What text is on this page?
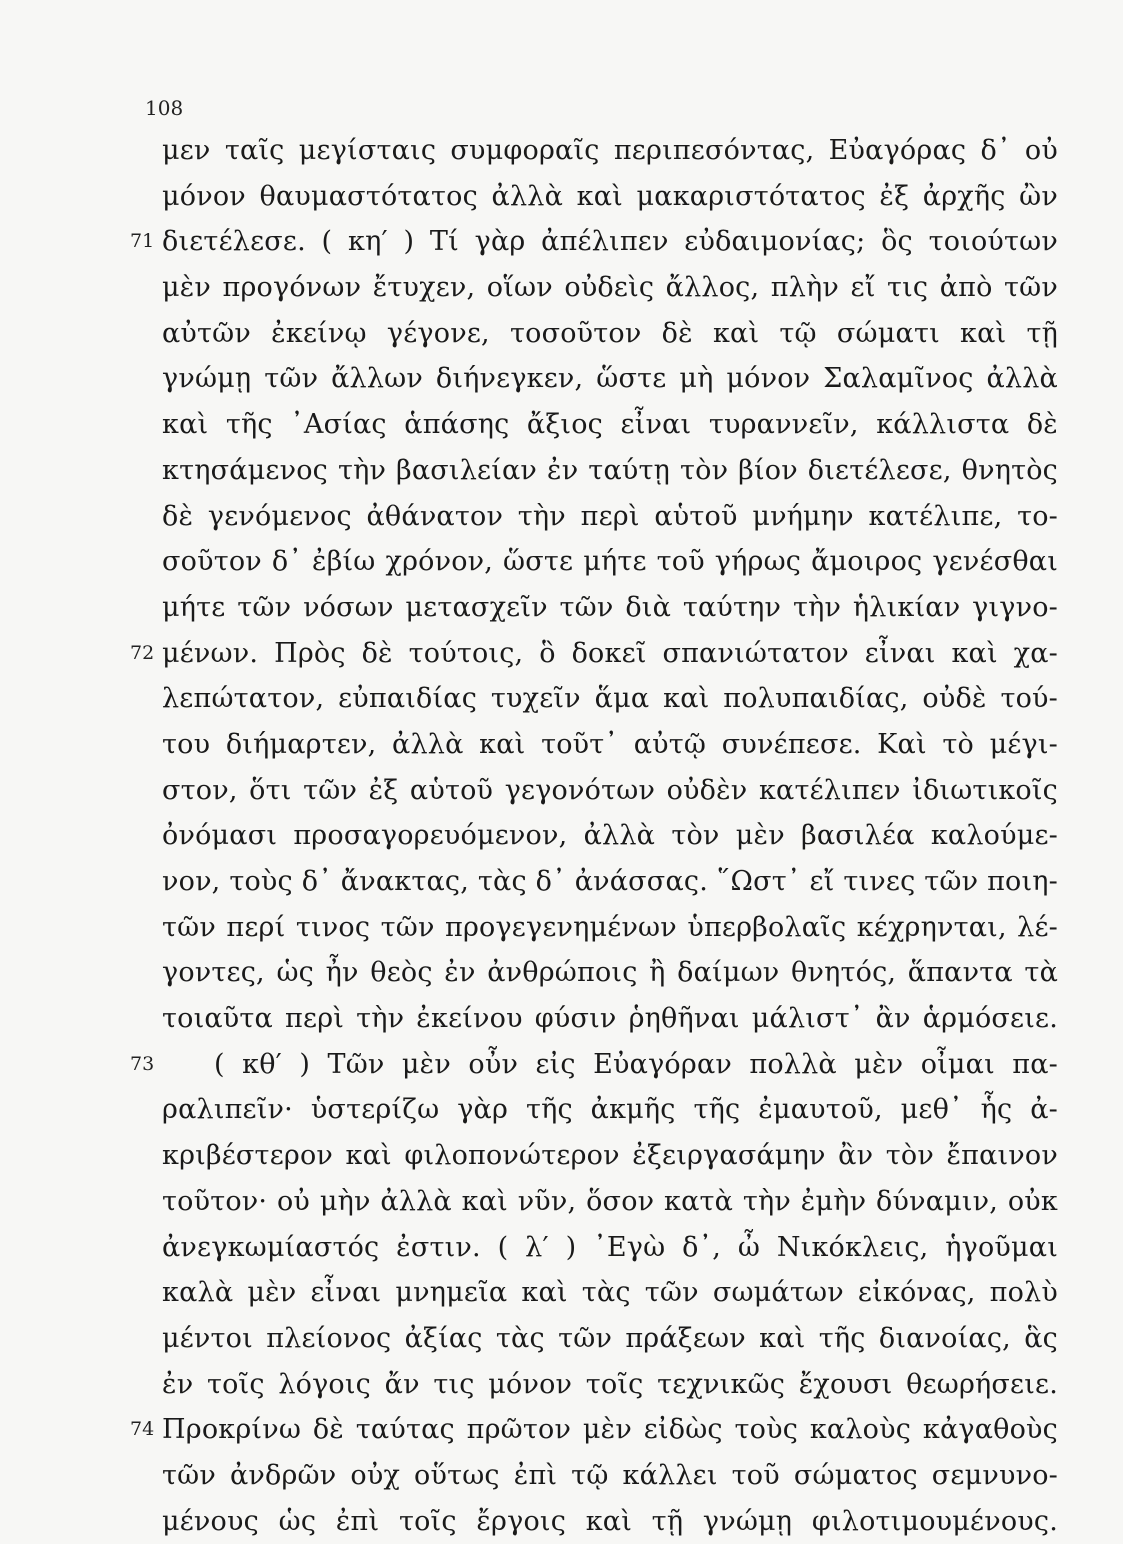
108
μεν ταῖς μεγίσταις συμφοραῖς περιπεσόντας, Εὐαγόρας δ᾽ οὐ
μόνον θαυμαστότατος ἀλλὰ καὶ μακαριστότατος ἐξ ἀρχῆς ὢν
71 διετέλεσε. ( κη′ ) Τί γὰρ ἀπέλιπεν εὐδαιμονίας; ὃς τοιούτων
μὲν προγόνων ἔτυχεν, οἵων οὐδεὶς ἄλλος, πλὴν εἴ τις ἀπὸ τῶν
αὐτῶν ἐκείνῳ γέγονε, τοσοῦτον δὲ καὶ τῷ σώματι καὶ τῇ
γνώμῃ τῶν ἄλλων διήνεγκεν, ὥστε μὴ μόνον Σαλαμῖνος ἀλλὰ
καὶ τῆς ᾿Ασίας ἁπάσης ἄξιος εἶναι τυραννεῖν, κάλλιστα δὲ
κτησάμενος τὴν βασιλείαν ἐν ταύτῃ τὸν βίον διετέλεσε, θνητὸς
δὲ γενόμενος ἀθάνατον τὴν περὶ αὑτοῦ μνήμην κατέλιπε, το-
σοῦτον δ᾽ ἐβίω χρόνον, ὥστε μήτε τοῦ γήρως ἄμοιρος γενέσθαι
μήτε τῶν νόσων μετασχεῖν τῶν διὰ ταύτην τὴν ἡλικίαν γιγνο-
72 μένων. Πρὸς δὲ τούτοις, ὃ δοκεῖ σπανιώτατον εἶναι καὶ χα-
λεπώτατον, εὐπαιδίας τυχεῖν ἅμα καὶ πολυπαιδίας, οὐδὲ τού-
του διήμαρτεν, ἀλλὰ καὶ τοῦτ᾽ αὐτῷ συνέπεσε. Καὶ τὸ μέγι-
στον, ὅτι τῶν ἐξ αὑτοῦ γεγονότων οὐδὲν κατέλιπεν ἰδιωτικοῖς
ὀνόμασι προσαγορευόμενον, ἀλλὰ τὸν μὲν βασιλέα καλούμε-
νον, τοὺς δ᾽ ἄνακτας, τὰς δ᾽ ἀνάσσας. ῞Ωστ᾽ εἴ τινες τῶν ποιη-
τῶν περί τινος τῶν προγεγενημένων ὑπερβολαῖς κέχρηνται, λέ-
γοντες, ὡς ἦν θεὸς ἐν ἀνθρώποις ἢ δαίμων θνητός, ἅπαντα τὰ
τοιαῦτα περὶ τὴν ἐκείνου φύσιν ῥηθῆναι μάλιστ᾽ ἂν ἁρμόσειε.
73 ( κθ′ ) Τῶν μὲν οὖν εἰς Εὐαγόραν πολλὰ μὲν οἶμαι πα-
ραλιπεῖν· ὑστερίζω γὰρ τῆς ἀκμῆς τῆς ἐμαυτοῦ, μεθ᾽ ἧς ἀ-
κριβέστερον καὶ φιλοπονώτερον ἐξειργασάμην ἂν τὸν ἔπαινον
τοῦτον· οὐ μὴν ἀλλὰ καὶ νῦν, ὅσον κατὰ τὴν ἐμὴν δύναμιν, οὐκ
ἀνεγκωμίαστός ἐστιν. ( λ′ ) ᾿Εγὼ δ᾽, ὦ Νικόκλεις, ἡγοῦμαι
καλὰ μὲν εἶναι μνημεῖα καὶ τὰς τῶν σωμάτων εἰκόνας, πολὺ
μέντοι πλείονος ἀξίας τὰς τῶν πράξεων καὶ τῆς διανοίας, ἃς
ἐν τοῖς λόγοις ἄν τις μόνον τοῖς τεχνικῶς ἔχουσι θεωρήσειε.
74 Προκρίνω δὲ ταύτας πρῶτον μὲν εἰδὼς τοὺς καλοὺς κἀγαθοὺς
τῶν ἀνδρῶν οὐχ οὕτως ἐπὶ τῷ κάλλει τοῦ σώματος σεμνυνο-
μένους ὡς ἐπὶ τοῖς ἔργοις καὶ τῇ γνώμῃ φιλοτιμουμένους.
